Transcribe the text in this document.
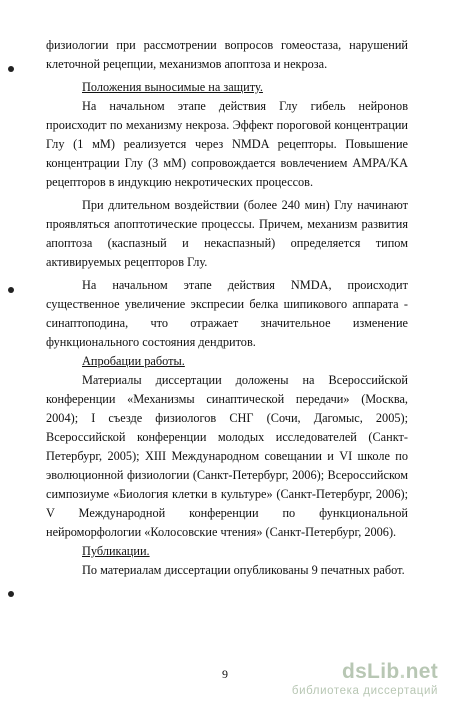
физиологии при рассмотрении вопросов гомеостаза, нарушений клеточной рецепции, механизмов апоптоза и некроза.

Положения выносимые на защиту.

На начальном этапе действия Глу гибель нейронов происходит по механизму некроза. Эффект пороговой концентрации Глу (1 мМ) реализуется через NMDA рецепторы. Повышение концентрации Глу (3 мМ) сопровождается вовлечением AMPA/KA рецепторов в индукцию некротических процессов.

При длительном воздействии (более 240 мин) Глу начинают проявляться апоптотические процессы. Причем, механизм развития апоптоза (каспазный и некаспазный) определяется типом активируемых рецепторов Глу.

На начальном этапе действия NMDA, происходит существенное увеличение экспресии белка шипикового аппарата - синаптоподина, что отражает значительное изменение функционального состояния дендритов.

Апробации работы.

Материалы диссертации доложены на Всероссийской конференции «Механизмы синаптической передачи» (Москва, 2004); I съезде физиологов СНГ (Сочи, Дагомыс, 2005); Всероссийской конференции молодых исследователей (Санкт-Петербург, 2005); XIII Международном совещании и VI школе по эволюционной физиологии (Санкт-Петербург, 2006); Всероссийском симпозиуме «Биология клетки в культуре» (Санкт-Петербург, 2006); V Международной конференции по функциональной нейроморфологии «Колосовские чтения» (Санкт-Петербург, 2006).

Публикации.

По материалам диссертации опубликованы 9 печатных работ.

9	dsLib.net
библиотека диссертаций
